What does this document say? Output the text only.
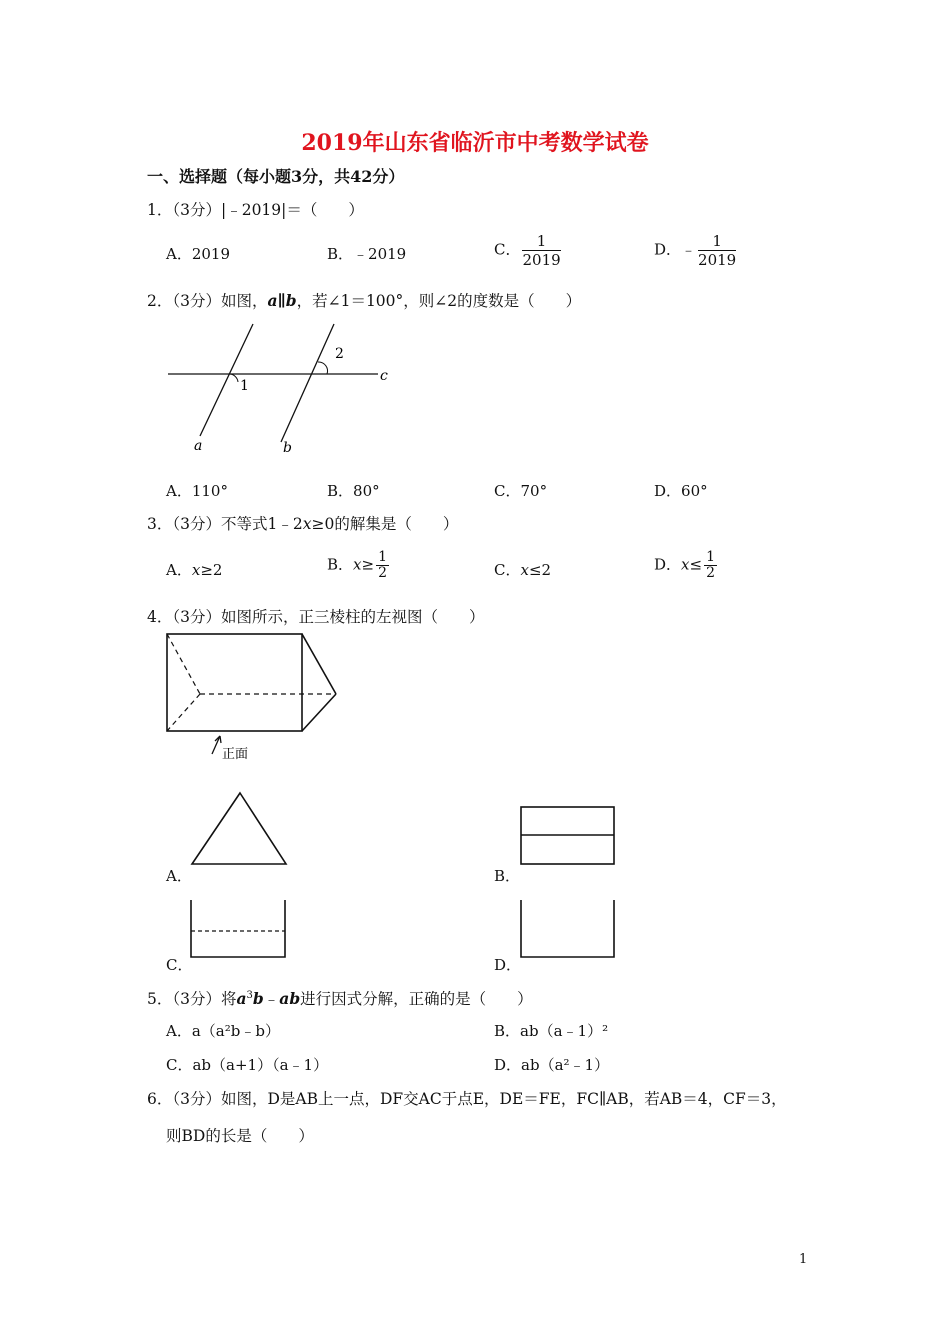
2019年山东省临沂市中考数学试卷
一、选择题（每小题3分，共42分）
1．（3分）|﹣2019|＝（　　）
A．2019	B．﹣2019	C． $\frac{1}{2019}$	D．﹣ $\frac{1}{2019}$
2．（3分）如图，a∥b，若∠1＝100°，则∠2的度数是（　　）
1
2
a	b
c
A．110°	B．80°	C．70°	D．60°
3．（3分）不等式1﹣2x≥0的解集是（　　）
A．x≥2	B．$x\ge \frac{1}{2}$	C．x≤2	D．$x\le \frac{1}{2}$
4．（3分）如图所示，正三棱柱的左视图（　　）
正面
A．	B．
C．	D．
5．（3分）将$a^3b﹣ab$进行因式分解，正确的是（　　）
A．a（a²b﹣b）	B．ab（a﹣1）²
C．ab（a+1）（a﹣1）	D．ab（a²﹣1）
6．（3分）如图，D是AB上一点，DF交AC于点E，DE＝FE，FC∥AB，若AB＝4，CF＝3，
则BD的长是（　　）
1
